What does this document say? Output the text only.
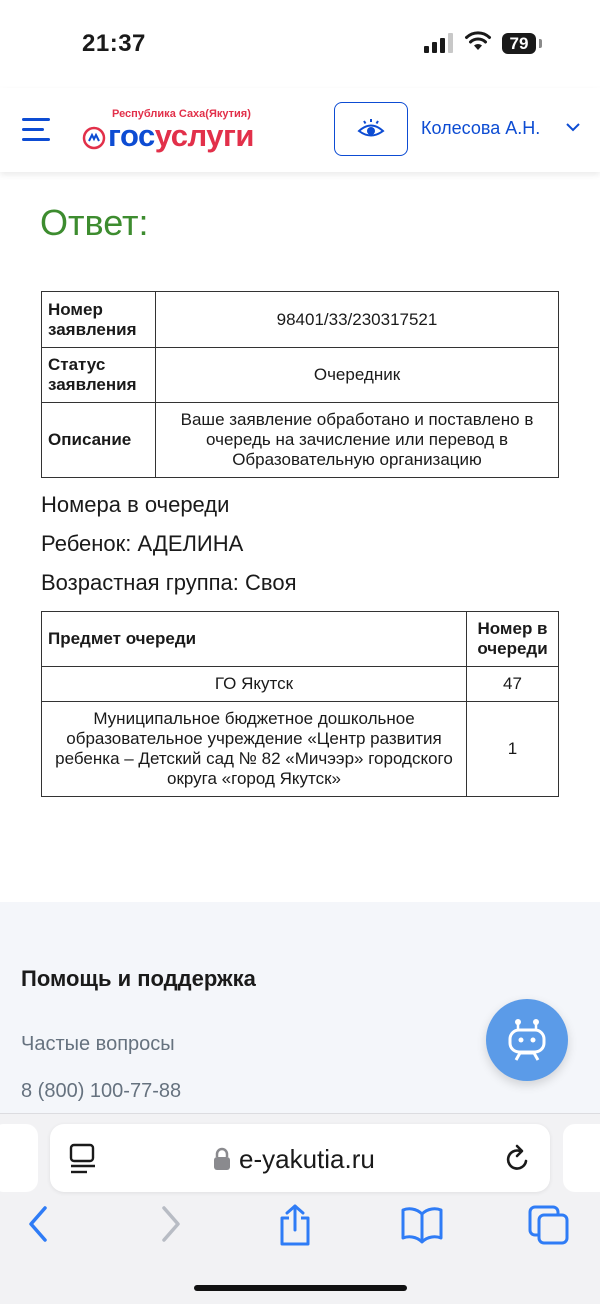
21:37	79
Республика Саха(Якутия)
госуслуги	Колесова А.Н.
Ответ:
Номер заявления	98401/33/230317521
Статус заявления	Очередник
Описание	Ваше заявление обработано и поставлено в очередь на зачисление или перевод в Образовательную организацию
Номера в очереди
Ребенок: АДЕЛИНА
Возрастная группа: Своя
Предмет очереди	Номер в очереди
ГО Якутск	47
Муниципальное бюджетное дошкольное образовательное учреждение «Центр развития ребенка – Детский сад № 82 «Мичээр» городского округа «город Якутск»	1
Помощь и поддержка
Частые вопросы
8 (800) 100-77-88
e-yakutia.ru
